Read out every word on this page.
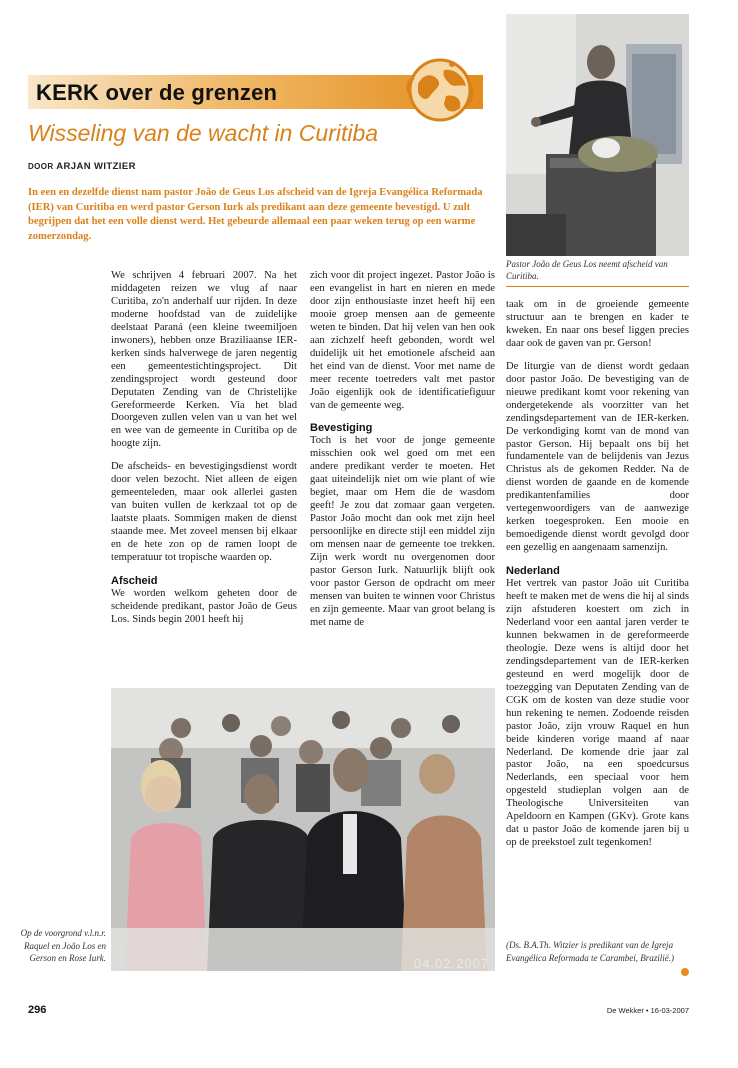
KERK over de grenzen
Wisseling van de wacht in Curitiba
DOOR ARJAN WITZIER
In een en dezelfde dienst nam pastor João de Geus Los afscheid van de Igreja Evangélica Reformada (IER) van Curitiba en werd pastor Gerson Iurk als predikant aan deze gemeente bevestigd. U zult begrijpen dat het een volle dienst werd. Het gebeurde allemaal een paar weken terug op een warme zomerzondag.
Pastor João de Geus Los neemt afscheid van Curitiba.

We schrijven 4 februari 2007. Na het middageten reizen we vlug af naar Curitiba, zo'n anderhalf uur rijden. In deze moderne hoofdstad van de zuidelijke deelstaat Paraná (een kleine tweemiljoen inwoners), hebben onze Braziliaanse IER-kerken sinds halverwege de jaren negentig een gemeentestichtingsproject. Dit zendingsproject wordt gesteund door Deputaten Zending van de Christelijke Gereformeerde Kerken. Via het blad Doorgeven zullen velen van u van het wel en wee van de gemeente in Curitiba op de hoogte zijn.

De afscheids- en bevestigingsdienst wordt door velen bezocht. Niet alleen de eigen gemeenteleden, maar ook allerlei gasten van buiten vullen de kerkzaal tot op de laatste plaats. Sommigen maken de dienst staande mee. Met zoveel mensen bij elkaar en de hete zon op de ramen loopt de temperatuur tot tropische waarden op.

Afscheid

We worden welkom geheten door de scheidende predikant, pastor João de Geus Los. Sinds begin 2001 heeft hij

zich voor dit project ingezet. Pastor João is een evangelist in hart en nieren en mede door zijn enthousiaste inzet heeft hij een mooie groep mensen aan de gemeente weten te binden. Dat hij velen van hen ook aan zichzelf heeft gebonden, wordt wel duidelijk uit het emotionele afscheid aan het eind van de dienst. Voor met name de meer recente toetreders valt met pastor João eigenlijk ook de identificatiefiguur van de gemeente weg.

Bevestiging

Toch is het voor de jonge gemeente misschien ook wel goed om met een andere predikant verder te moeten. Het gaat uiteindelijk niet om wie plant of wie begiet, maar om Hem die de wasdom geeft! Je zou dat zomaar gaan vergeten. Pastor João mocht dan ook met zijn heel persoonlijke en directe stijl een middel zijn om mensen naar de gemeente toe trekken. Zijn werk wordt nu overgenomen door pastor Gerson Iurk. Natuurlijk blijft ook voor pastor Gerson de opdracht om meer mensen van buiten te winnen voor Christus en zijn gemeente. Maar van groot belang is met name de

taak om in de groeiende gemeente structuur aan te brengen en kader te kweken. En naar ons besef liggen precies daar ook de gaven van pr. Gerson!

De liturgie van de dienst wordt gedaan door pastor João. De bevestiging van de nieuwe predikant komt voor rekening van ondergetekende als voorzitter van het zendingsdepartement van de IER-kerken. De verkondiging komt van de mond van pastor Gerson. Hij bepaalt ons bij het fundamentele van de belijdenis van Jezus Christus als de gekomen Redder. Na de dienst worden de gaande en de komende predikantenfamilies door vertegenwoordigers van de aanwezige kerken toegesproken. Een mooie en bemoedigende dienst wordt gevolgd door een gezellig en aangenaam samenzijn.

Nederland

Het vertrek van pastor João uit Curitiba heeft te maken met de wens die hij al sinds zijn afstuderen koestert om zich in Nederland voor een aantal jaren verder te kunnen bekwamen in de gereformeerde theologie. Deze wens is altijd door het zendingsdepartement van de IER-kerken gesteund en werd mogelijk door de toezegging van Deputaten Zending van de CGK om de kosten van deze studie voor hun rekening te nemen. Zodoende reisden pastor João, zijn vrouw Raquel en hun beide kinderen vorige maand af naar Nederland. De komende drie jaar zal pastor João, na een spoedcursus Nederlands, een speciaal voor hem opgesteld studieplan volgen aan de Theologische Universiteiten van Apeldoorn en Kampen (GKv). Grote kans dat u pastor João de komende jaren bij u op de preekstoel zult tegenkomen!

04.02.2007
Op de voorgrond v.l.n.r. Raquel en João Los en Gerson en Rose Iurk.
(Ds. B.A.Th. Witzier is predikant van de Igreja Evangélica Reformada te Carambeí, Brazilië.)
296	De Wekker • 16-03-2007
